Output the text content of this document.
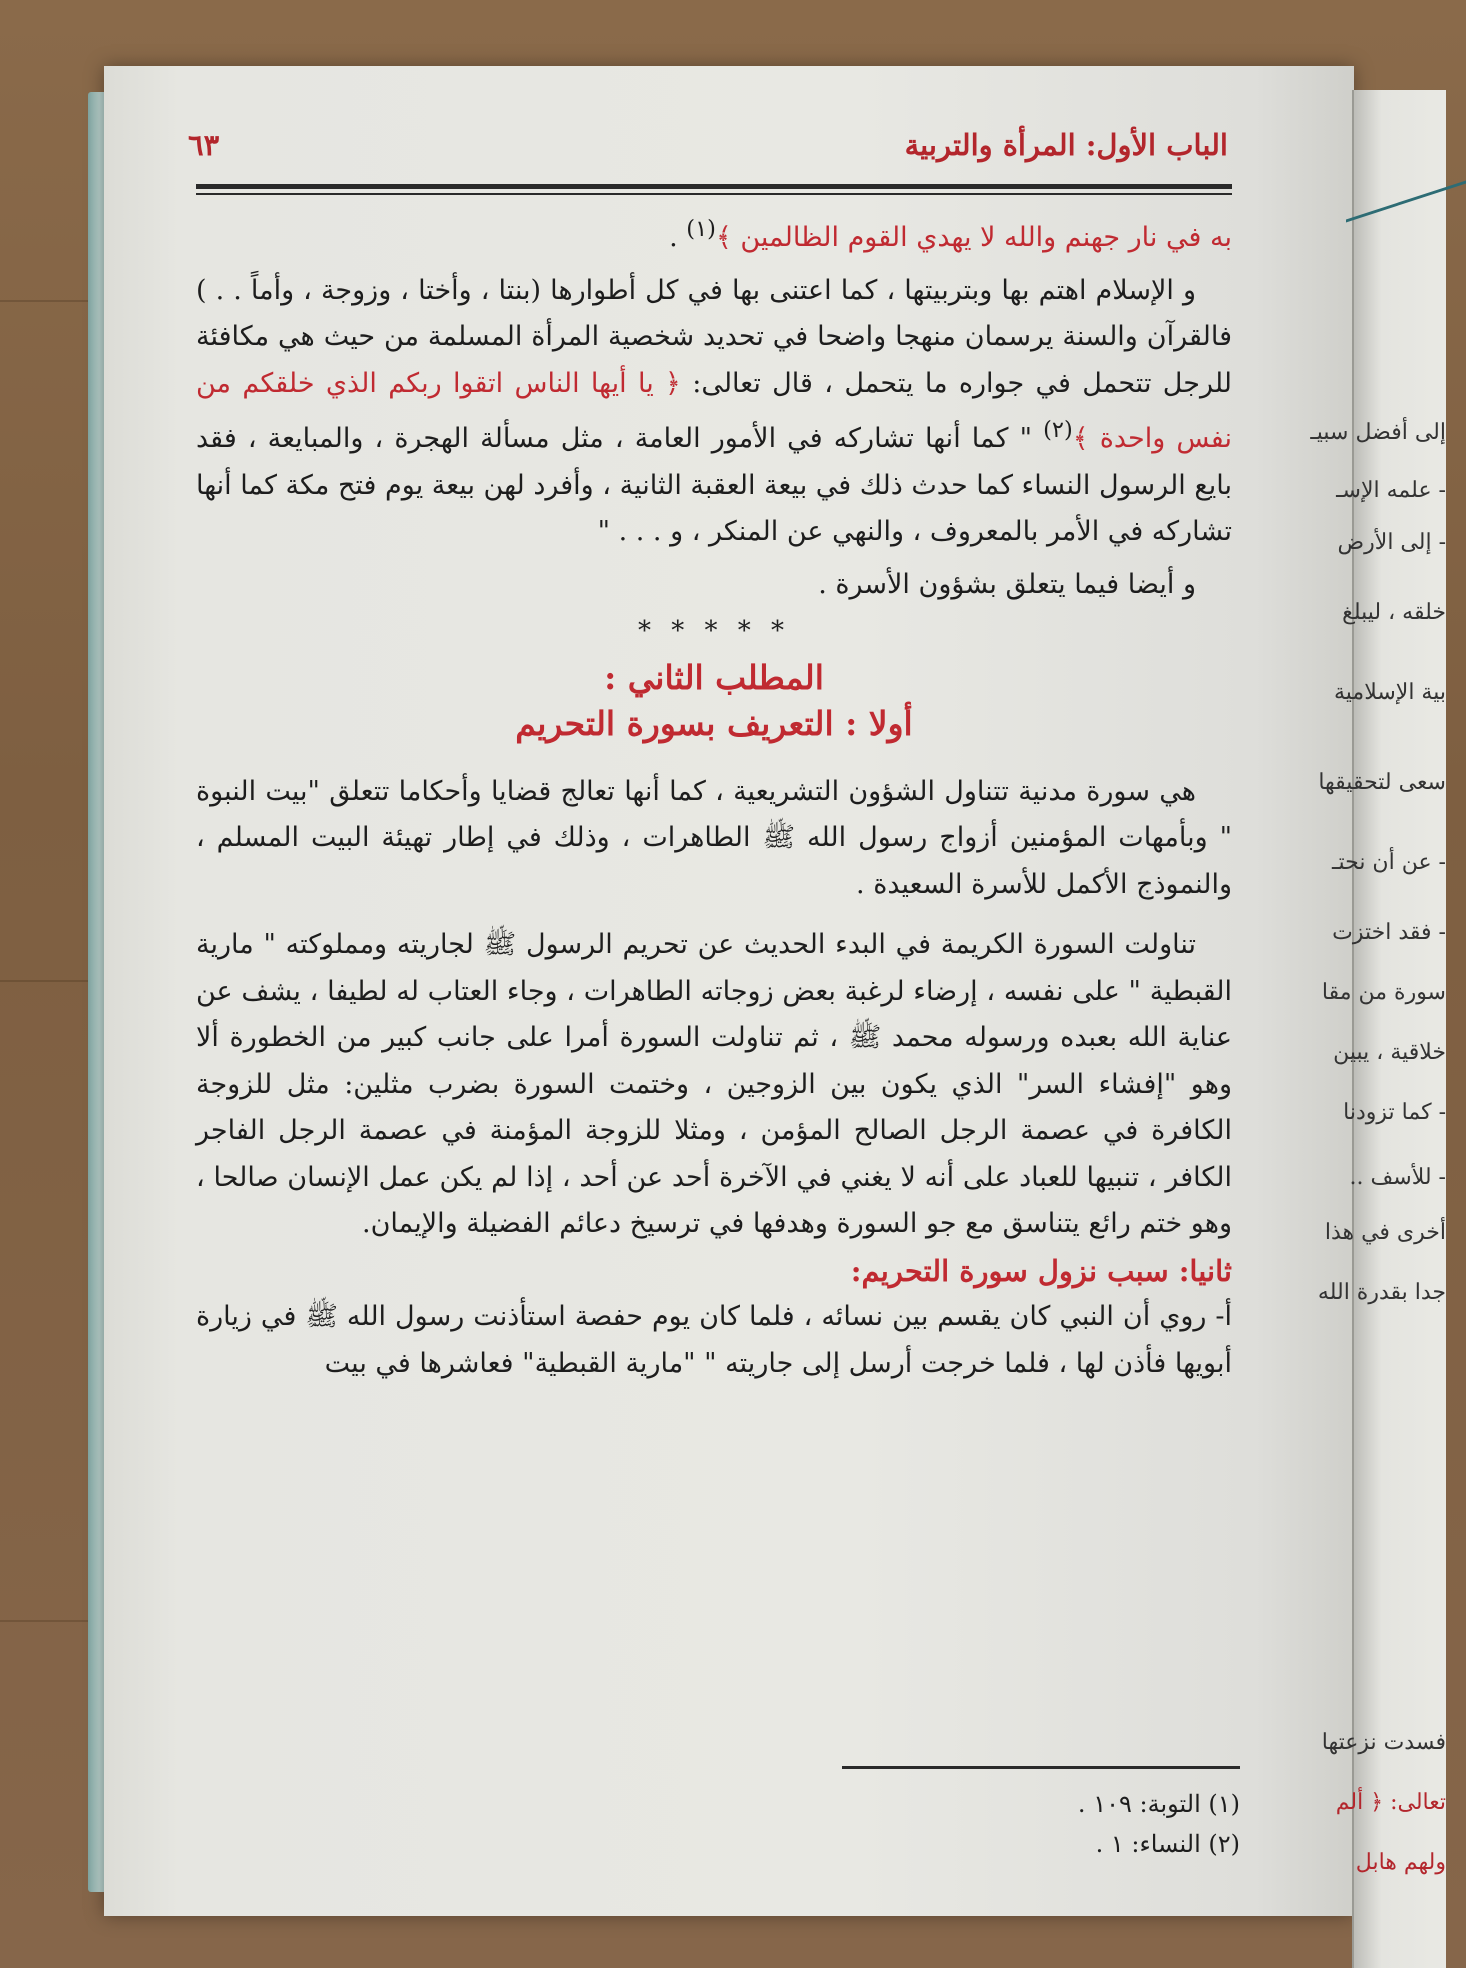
إلى أفضل سبيـ
- علمه الإسـ
- إلى الأرض
خلقه ، ليبلغ
بية الإسلامية
سعى لتحقيقها
- عن أن نحتـ
- فقد اختزت
سورة من مقا
خلاقية ، يبين
- كما تزودنا
- للأسف ..
أخرى في هذا
جدا بقدرة الله
فسدت نزعتها
تعالى: ﴿ ألم
ولهم هابل
الباب الأول: المرأة والتربية
٦٣

به في نار جهنم والله لا يهدي القوم الظالمين ﴾$^{(١)}$ .

و الإسلام اهتم بها وبتربيتها ، كما اعتنى بها في كل أطوارها (بنتا ، وأختا ، وزوجة ، وأماً . . ) فالقرآن والسنة يرسمان منهجا واضحا في تحديد شخصية المرأة المسلمة من حيث هي مكافئة للرجل تتحمل في جواره ما يتحمل ، قال تعالى: ﴿ يا أيها الناس اتقوا ربكم الذي خلقكم من نفس واحدة ﴾$^{(٢)}$ " كما أنها تشاركه في الأمور العامة ، مثل مسألة الهجرة ، والمبايعة ، فقد بايع الرسول النساء كما حدث ذلك في بيعة العقبة الثانية ، وأفرد لهن بيعة يوم فتح مكة كما أنها تشاركه في الأمر بالمعروف ، والنهي عن المنكر ، و . . . "

و أيضا فيما يتعلق بشؤون الأسرة .

* * * * *

المطلب الثاني :

أولا : التعريف بسورة التحريم

هي سورة مدنية تتناول الشؤون التشريعية ، كما أنها تعالج قضايا وأحكاما تتعلق "بيت النبوة " وبأمهات المؤمنين أزواج رسول الله ﷺ الطاهرات ، وذلك في إطار تهيئة البيت المسلم ، والنموذج الأكمل للأسرة السعيدة .

تناولت السورة الكريمة في البدء الحديث عن تحريم الرسول ﷺ لجاريته ومملوكته " مارية القبطية " على نفسه ، إرضاء لرغبة بعض زوجاته الطاهرات ، وجاء العتاب له لطيفا ، يشف عن عناية الله بعبده ورسوله محمد ﷺ ، ثم تناولت السورة أمرا على جانب كبير من الخطورة ألا وهو "إفشاء السر" الذي يكون بين الزوجين ، وختمت السورة بضرب مثلين: مثل للزوجة الكافرة في عصمة الرجل الصالح المؤمن ، ومثلا للزوجة المؤمنة في عصمة الرجل الفاجر الكافر ، تنبيها للعباد على أنه لا يغني في الآخرة أحد عن أحد ، إذا لم يكن عمل الإنسان صالحا ، وهو ختم رائع يتناسق مع جو السورة وهدفها في ترسيخ دعائم الفضيلة والإيمان.

ثانيا: سبب نزول سورة التحريم:

أ- روي أن النبي كان يقسم بين نسائه ، فلما كان يوم حفصة استأذنت رسول الله ﷺ في زيارة أبويها فأذن لها ، فلما خرجت أرسل إلى جاريته " "مارية القبطية" فعاشرها في بيت

(١) التوبة: ١٠٩ .

(٢) النساء: ١ .
